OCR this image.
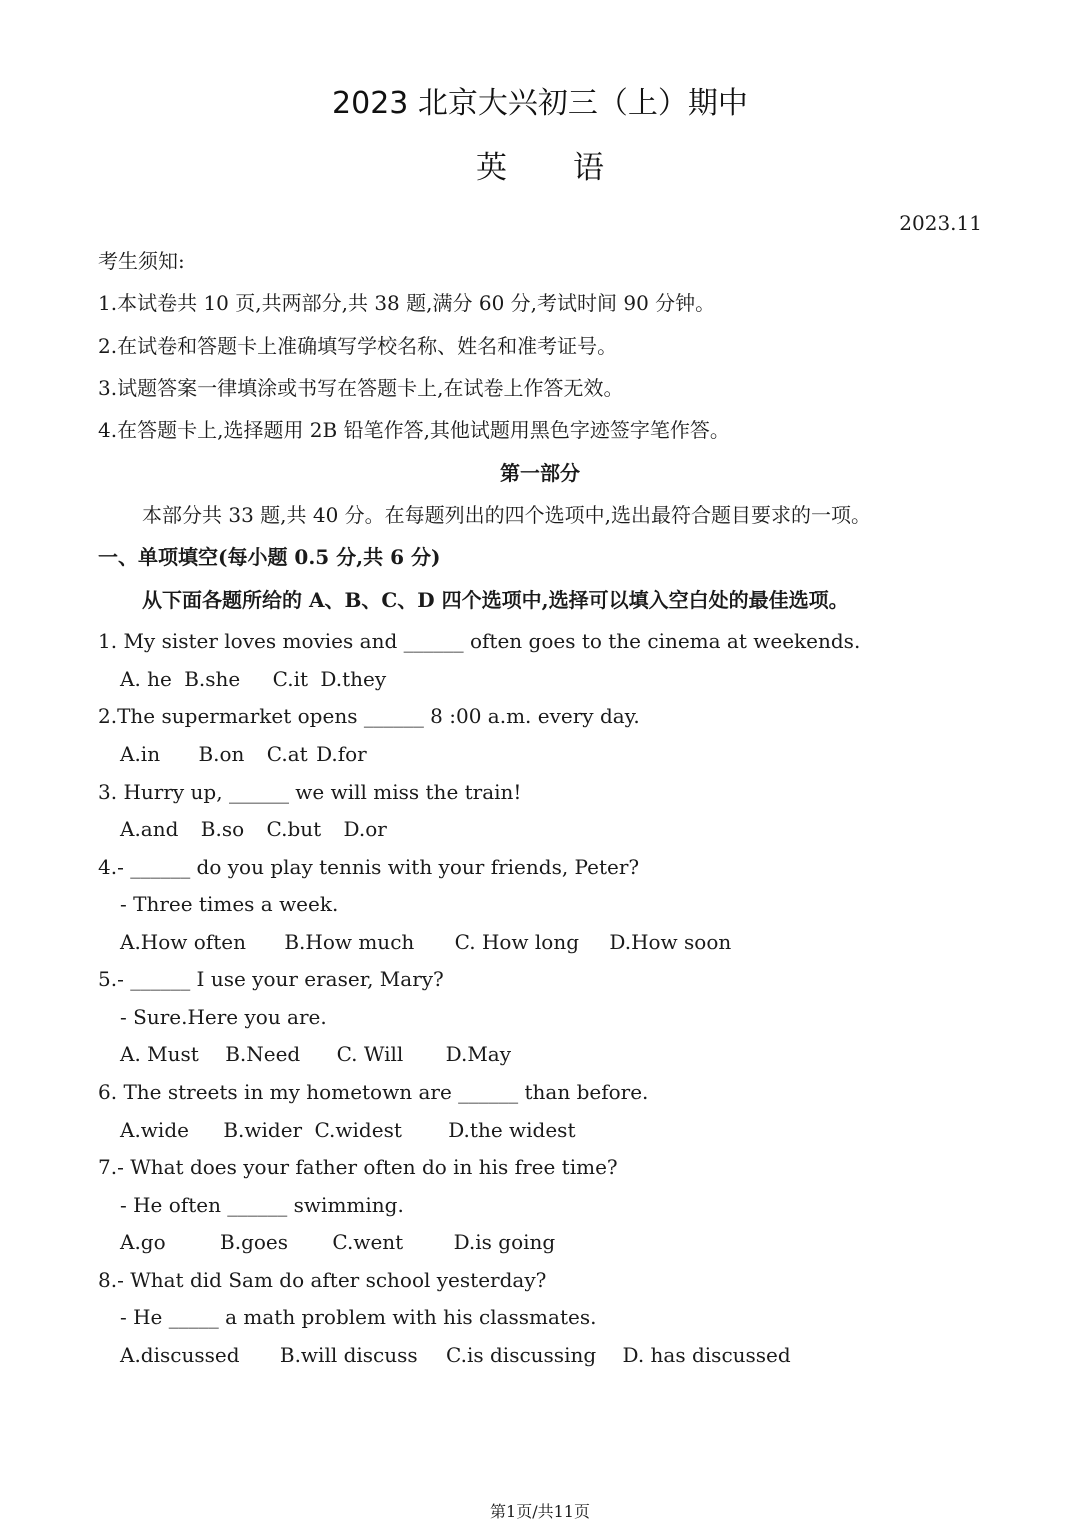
2023 北京大兴初三（上）期中
英语
2023.11
考生须知:
1.本试卷共 10 页,共两部分,共 38 题,满分 60 分,考试时间 90 分钟。
2.在试卷和答题卡上准确填写学校名称、姓名和准考证号。
3.试题答案一律填涂或书写在答题卡上,在试卷上作答无效。
4.在答题卡上,选择题用 2B 铅笔作答,其他试题用黑色字迹签字笔作答。
第一部分
本部分共 33 题,共 40 分。在每题列出的四个选项中,选出最符合题目要求的一项。
一、单项填空(每小题 0.5 分,共 6 分)
从下面各题所给的 A、B、C、D 四个选项中,选择可以填入空白处的最佳选项。
1. My sister loves movies and ______ often goes to the cinema at weekends.
A. he B.she C.it D.they
2.The supermarket opens ______ 8 :00 a.m. every day.
A.in B.on C.at D.for
3. Hurry up, ______ we will miss the train!
A.and B.so C.but D.or
4.- ______ do you play tennis with your friends, Peter?
- Three times a week.
A.How often B.How much C. How long D.How soon
5.- ______ I use your eraser, Mary?
- Sure.Here you are.
A. Must B.Need C. Will D.May
6. The streets in my hometown are ______ than before.
A.wide B.wider C.widest D.the widest
7.- What does your father often do in his free time?
- He often ______ swimming.
A.go	B.goes C.went	D.is going
8.- What did Sam do after school yesterday?
- He _____ a math problem with his classmates.
A.discussed B.will discuss C.is discussing D. has discussed
第1页/共11页
